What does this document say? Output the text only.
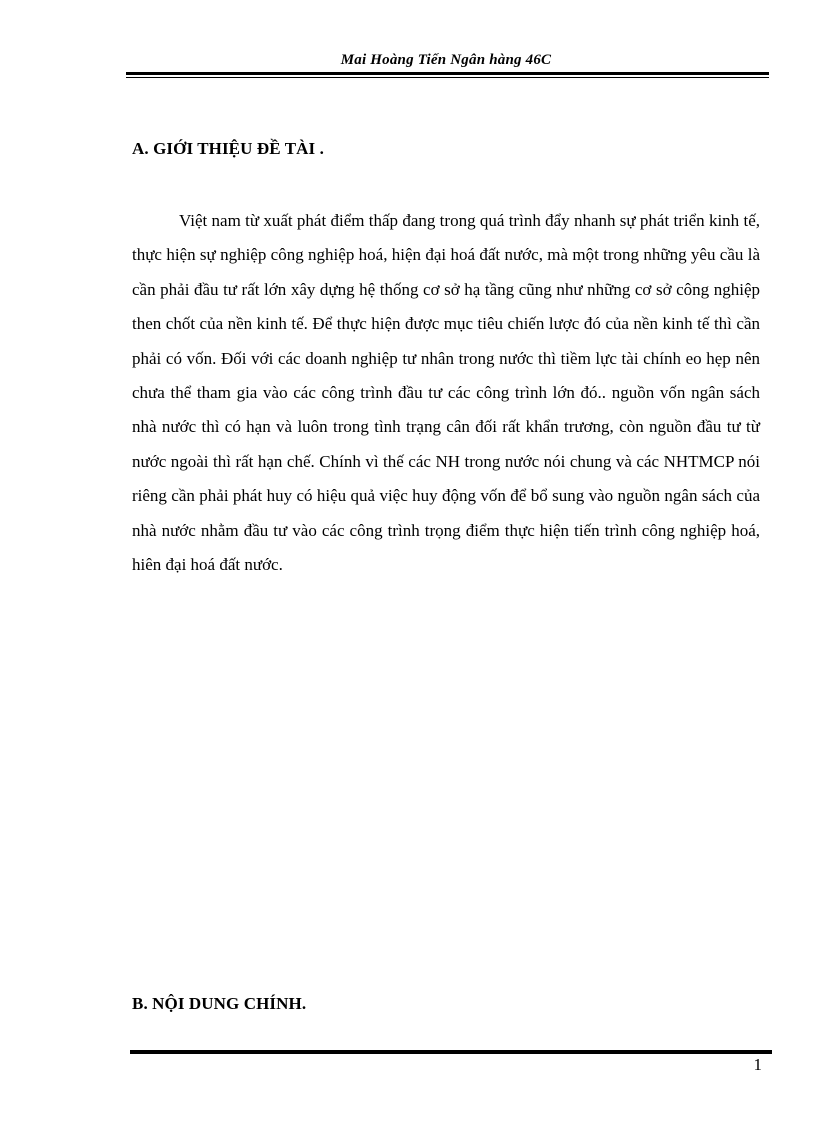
Mai Hoàng Tiến Ngân hàng 46C
A. GIỚI THIỆU ĐỀ TÀI .

Việt nam từ xuất phát điểm thấp đang trong quá trình đẩy nhanh sự phát triển kinh tế, thực hiện sự nghiệp công nghiệp hoá, hiện đại hoá đất nước, mà một trong những yêu cầu là cần phải đầu tư rất lớn xây dựng hệ thống cơ sở hạ tầng cũng như những cơ sở công nghiệp then chốt của nền kinh tế. Để thực hiện được mục tiêu chiến lược đó của nền kinh tế thì cần phải có vốn. Đối với các doanh nghiệp tư nhân trong nước thì tiềm lực tài chính eo hẹp nên chưa thể tham gia vào các công trình đầu tư các công trình lớn đó.. nguồn vốn ngân sách nhà nước thì có hạn và luôn trong tình trạng cân đối rất khẩn trương, còn nguồn đầu tư từ nước ngoài thì rất hạn chế. Chính vì thế các NH trong nước nói chung và các NHTMCP nói riêng cần phải phát huy có hiệu quả việc huy động vốn để bổ sung vào nguồn ngân sách của nhà nước nhằm đầu tư vào các công trình trọng điểm thực hiện tiến trình công nghiệp hoá, hiên đại hoá đất nước.

B. NỘI DUNG CHÍNH.
1
